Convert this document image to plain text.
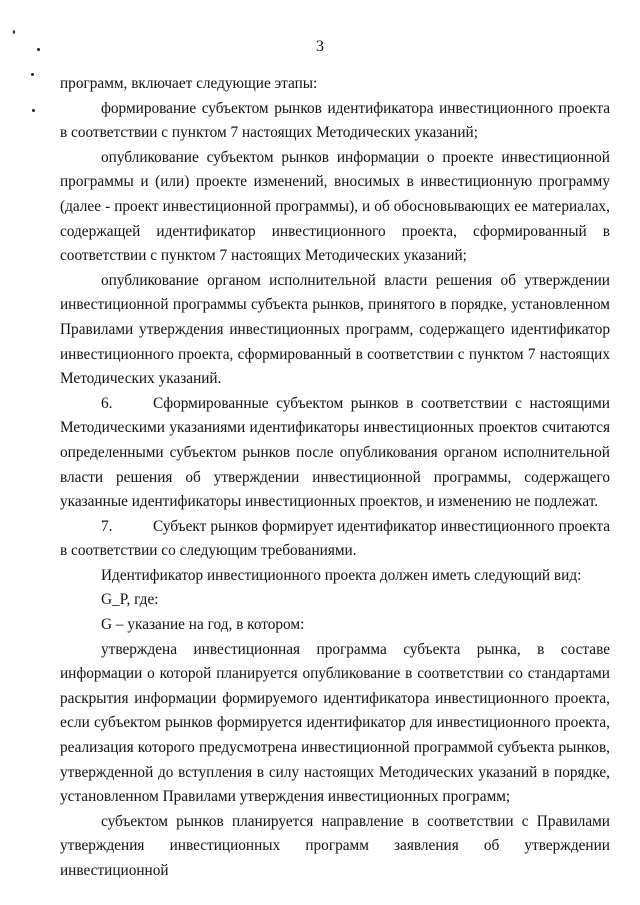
3

программ, включает следующие этапы:

формирование субъектом рынков идентификатора инвестиционного проекта в соответствии с пунктом 7 настоящих Методических указаний;

опубликование субъектом рынков информации о проекте инвестиционной программы и (или) проекте изменений, вносимых в инвестиционную программу (далее - проект инвестиционной программы), и об обосновывающих ее материалах, содержащей идентификатор инвестиционного проекта, сформированный в соответствии с пунктом 7 настоящих Методических указаний;

опубликование органом исполнительной власти решения об утверждении инвестиционной программы субъекта рынков, принятого в порядке, установленном Правилами утверждения инвестиционных программ, содержащего идентификатор инвестиционного проекта, сформированный в соответствии с пунктом 7 настоящих Методических указаний.

6.	Сформированные субъектом рынков в соответствии с настоящими Методическими указаниями идентификаторы инвестиционных проектов считаются определенными субъектом рынков после опубликования органом исполнительной власти решения об утверждении инвестиционной программы, содержащего указанные идентификаторы инвестиционных проектов, и изменению не подлежат.

7.	Субъект рынков формирует идентификатор инвестиционного проекта в соответствии со следующим требованиями.

Идентификатор инвестиционного проекта должен иметь следующий вид:

G_P, где:

G – указание на год, в котором:

утверждена инвестиционная программа субъекта рынка, в составе информации о которой планируется опубликование в соответствии со стандартами раскрытия информации формируемого идентификатора инвестиционного проекта, если субъектом рынков формируется идентификатор для инвестиционного проекта, реализация которого предусмотрена инвестиционной программой субъекта рынков, утвержденной до вступления в силу настоящих Методических указаний в порядке, установленном Правилами утверждения инвестиционных программ;

субъектом рынков планируется направление в соответствии с Правилами утверждения инвестиционных программ заявления об утверждении инвестиционной
